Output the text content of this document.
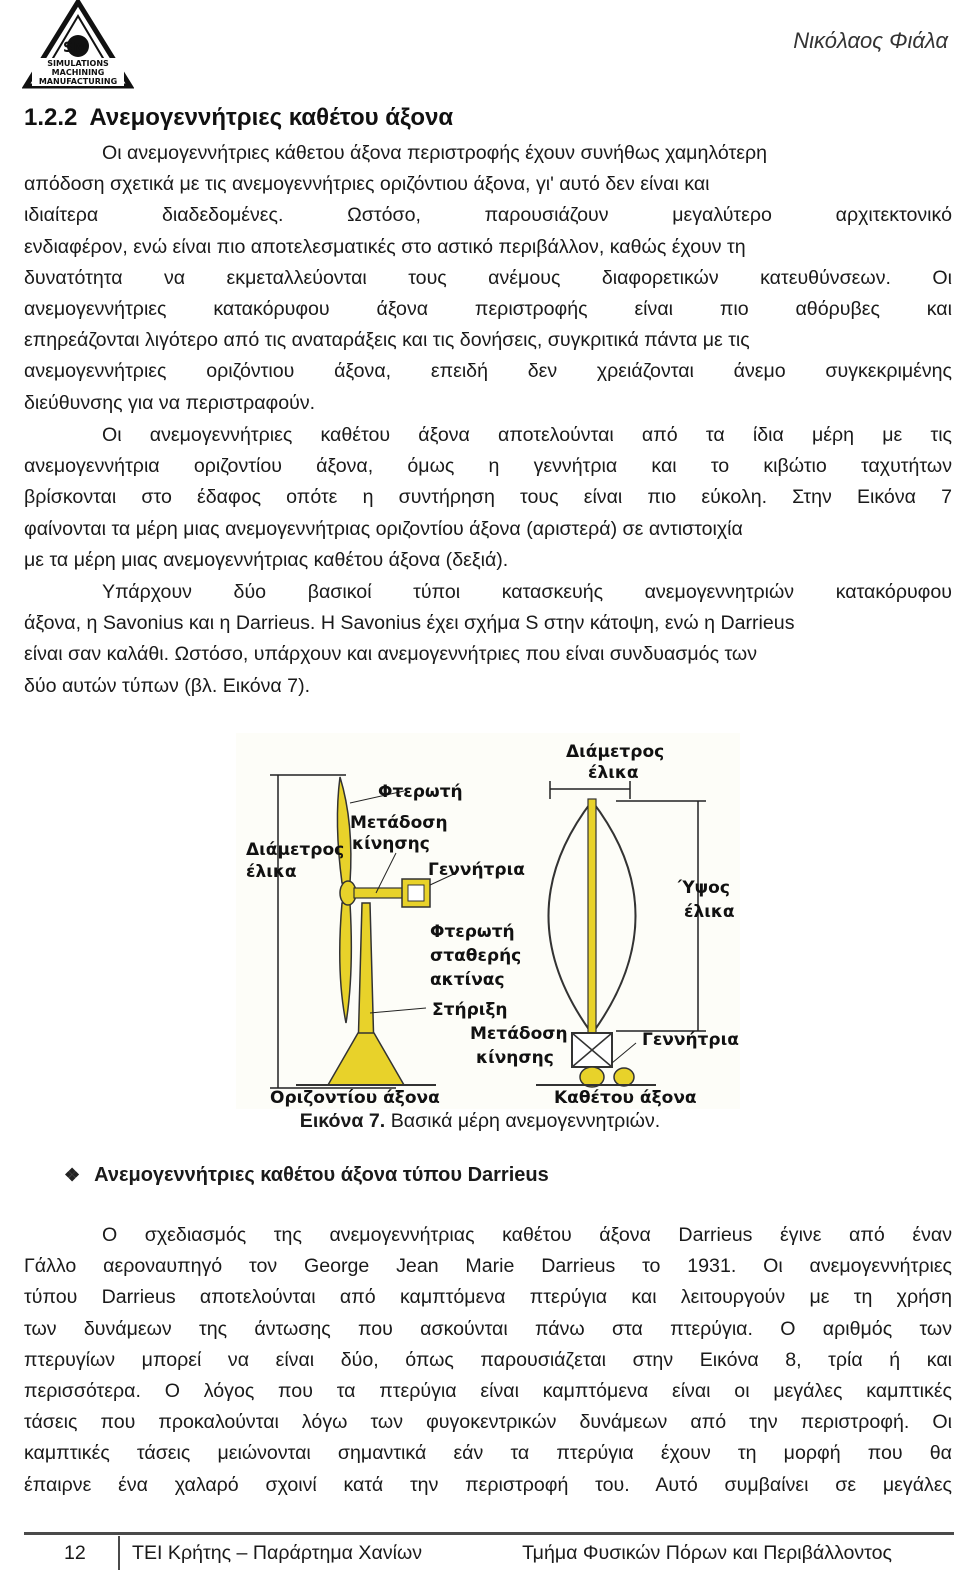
SM
SIMULATIONS
MACHINING
MANUFACTURING
Νικόλαος Φιάλα
1.2.2 Ανεμογεννήτριες καθέτου άξονα
Οι ανεμογεννήτριες κάθετου άξονα περιστροφής έχουν συνήθως χαμηλότερη
απόδοση σχετικά με τις ανεμογεννήτριες οριζόντιου άξονα, γι' αυτό δεν είναι και
ιδιαίτερα διαδεδομένες. Ωστόσο, παρουσιάζουν μεγαλύτερο αρχιτεκτονικό
ενδιαφέρον, ενώ είναι πιο αποτελεσματικές στο αστικό περιβάλλον, καθώς έχουν τη
δυνατότητα να εκμεταλλεύονται τους ανέμους διαφορετικών κατευθύνσεων. Οι
ανεμογεννήτριες κατακόρυφου άξονα περιστροφής είναι πιο αθόρυβες και
επηρεάζονται λιγότερο από τις αναταράξεις και τις δονήσεις, συγκριτικά πάντα με τις
ανεμογεννήτριες οριζόντιου άξονα, επειδή δεν χρειάζονται άνεμο συγκεκριμένης
διεύθυνσης για να περιστραφούν.
Οι ανεμογεννήτριες καθέτου άξονα αποτελούνται από τα ίδια μέρη με τις
ανεμογεννήτρια οριζοντίου άξονα, όμως η γεννήτρια και το κιβώτιο ταχυτήτων
βρίσκονται στο έδαφος οπότε η συντήρηση τους είναι πιο εύκολη. Στην Εικόνα 7
φαίνονται τα μέρη μιας ανεμογεννήτριας οριζοντίου άξονα (αριστερά) σε αντιστοιχία
με τα μέρη μιας ανεμογεννήτριας καθέτου άξονα (δεξιά).
Υπάρχουν δύο βασικοί τύποι κατασκευής ανεμογεννητριών κατακόρυφου
άξονα, η Savonius και η Darrieus. Η Savonius έχει σχήμα S στην κάτοψη, ενώ η Darrieus
είναι σαν καλάθι. Ωστόσο, υπάρχουν και ανεμογεννήτριες που είναι συνδυασμός των
δύο αυτών τύπων (βλ. Εικόνα 7).
Φτερωτή
Μετάδοση
κίνησης
Διάμετρος
έλικα	Γεννήτρια
Φτερωτή
σταθερής
ακτίνας
Στήριξη
Οριζοντίου άξονα
Διάμετρος
έλικα
Ύψος
έλικα
Μετάδοση
κίνησης
Γεννήτρια
Καθέτου άξονα
Εικόνα 7. Βασικά μέρη ανεμογεννητριών.
❖ Ανεμογεννήτριες καθέτου άξονα τύπου Darrieus
Ο σχεδιασμός της ανεμογεννήτριας καθέτου άξονα Darrieus έγινε από έναν
Γάλλο αεροναυπηγό τον George Jean Marie Darrieus το 1931. Οι ανεμογεννήτριες
τύπου Darrieus αποτελούνται από καμπτόμενα πτερύγια και λειτουργούν με τη χρήση
των δυνάμεων της άντωσης που ασκούνται πάνω στα πτερύγια. Ο αριθμός των
πτερυγίων μπορεί να είναι δύο, όπως παρουσιάζεται στην Εικόνα 8, τρία ή και
περισσότερα. Ο λόγος που τα πτερύγια είναι καμπτόμενα είναι οι μεγάλες καμπτικές
τάσεις που προκαλούνται λόγω των φυγοκεντρικών δυνάμεων από την περιστροφή. Οι
καμπτικές τάσεις μειώνονται σημαντικά εάν τα πτερύγια έχουν τη μορφή που θα
έπαιρνε ένα χαλαρό σχοινί κατά την περιστροφή του. Αυτό συμβαίνει σε μεγάλες
12 ΤΕΙ Κρήτης – Παράρτημα Χανίων	Τμήμα Φυσικών Πόρων και Περιβάλλοντος
